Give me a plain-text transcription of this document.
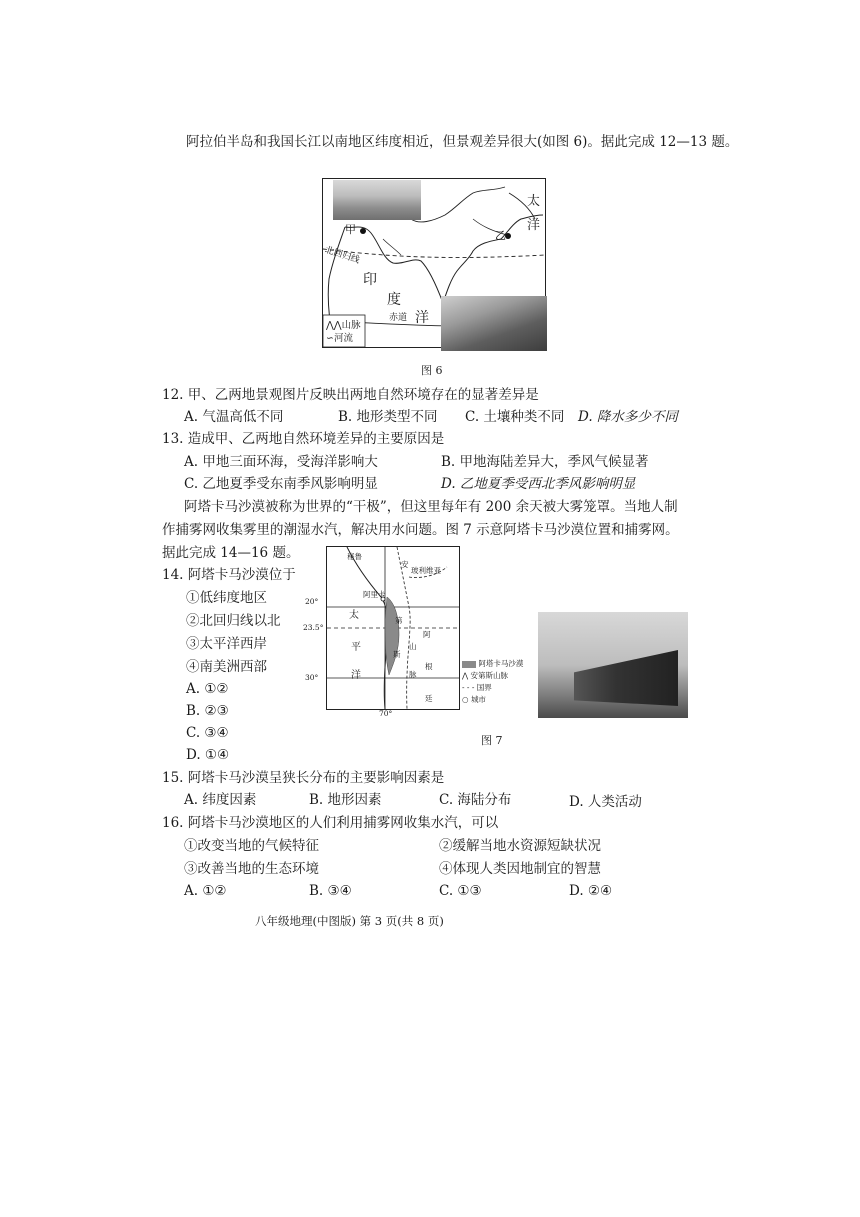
阿拉伯半岛和我国长江以南地区纬度相近，但景观差异很大(如图 6)。据此完成 12—13 题。
甲	乙
北回归线
赤道
印
度
洋
太
洋
⋀⋀山脉
∽河流
图 6
12. 甲、乙两地景观图片反映出两地自然环境存在的显著差异是
A. 气温高低不同	B. 地形类型不同 C. 土壤种类不同 D. 降水多少不同
13. 造成甲、乙两地自然环境差异的主要原因是
A. 甲地三面环海，受海洋影响大	B. 甲地海陆差异大，季风气候显著
C. 乙地夏季受东南季风影响明显	D. 乙地夏季受西北季风影响明显
阿塔卡马沙漠被称为世界的“干极”，但这里每年有 200 余天被大雾笼罩。当地人制
作捕雾网收集雾里的潮湿水汽，解决用水问题。图 7 示意阿塔卡马沙漠位置和捕雾网。
据此完成 14—16 题。
14. 阿塔卡马沙漠位于
①低纬度地区
②北回归线以北
③太平洋西岸
④南美洲西部
A. ①②
B. ②③
C. ③④
D. ①④
20°
23.5°
30°
70°
阿里卡
秘鲁
玻利维亚
太
平
洋
安
第
斯
山
脉
阿
根
廷
阿塔卡马沙漠
⋀ 安第斯山脉
- - - 国界
○ 城市
图 7
15. 阿塔卡马沙漠呈狭长分布的主要影响因素是
A. 纬度因素	B. 地形因素	C. 海陆分布	D. 人类活动
16. 阿塔卡马沙漠地区的人们利用捕雾网收集水汽，可以
①改变当地的气候特征	②缓解当地水资源短缺状况
③改善当地的生态环境	④体现人类因地制宜的智慧
A. ①②	B. ③④	C. ①③	D. ②④
八年级地理(中图版) 第 3 页(共 8 页)
